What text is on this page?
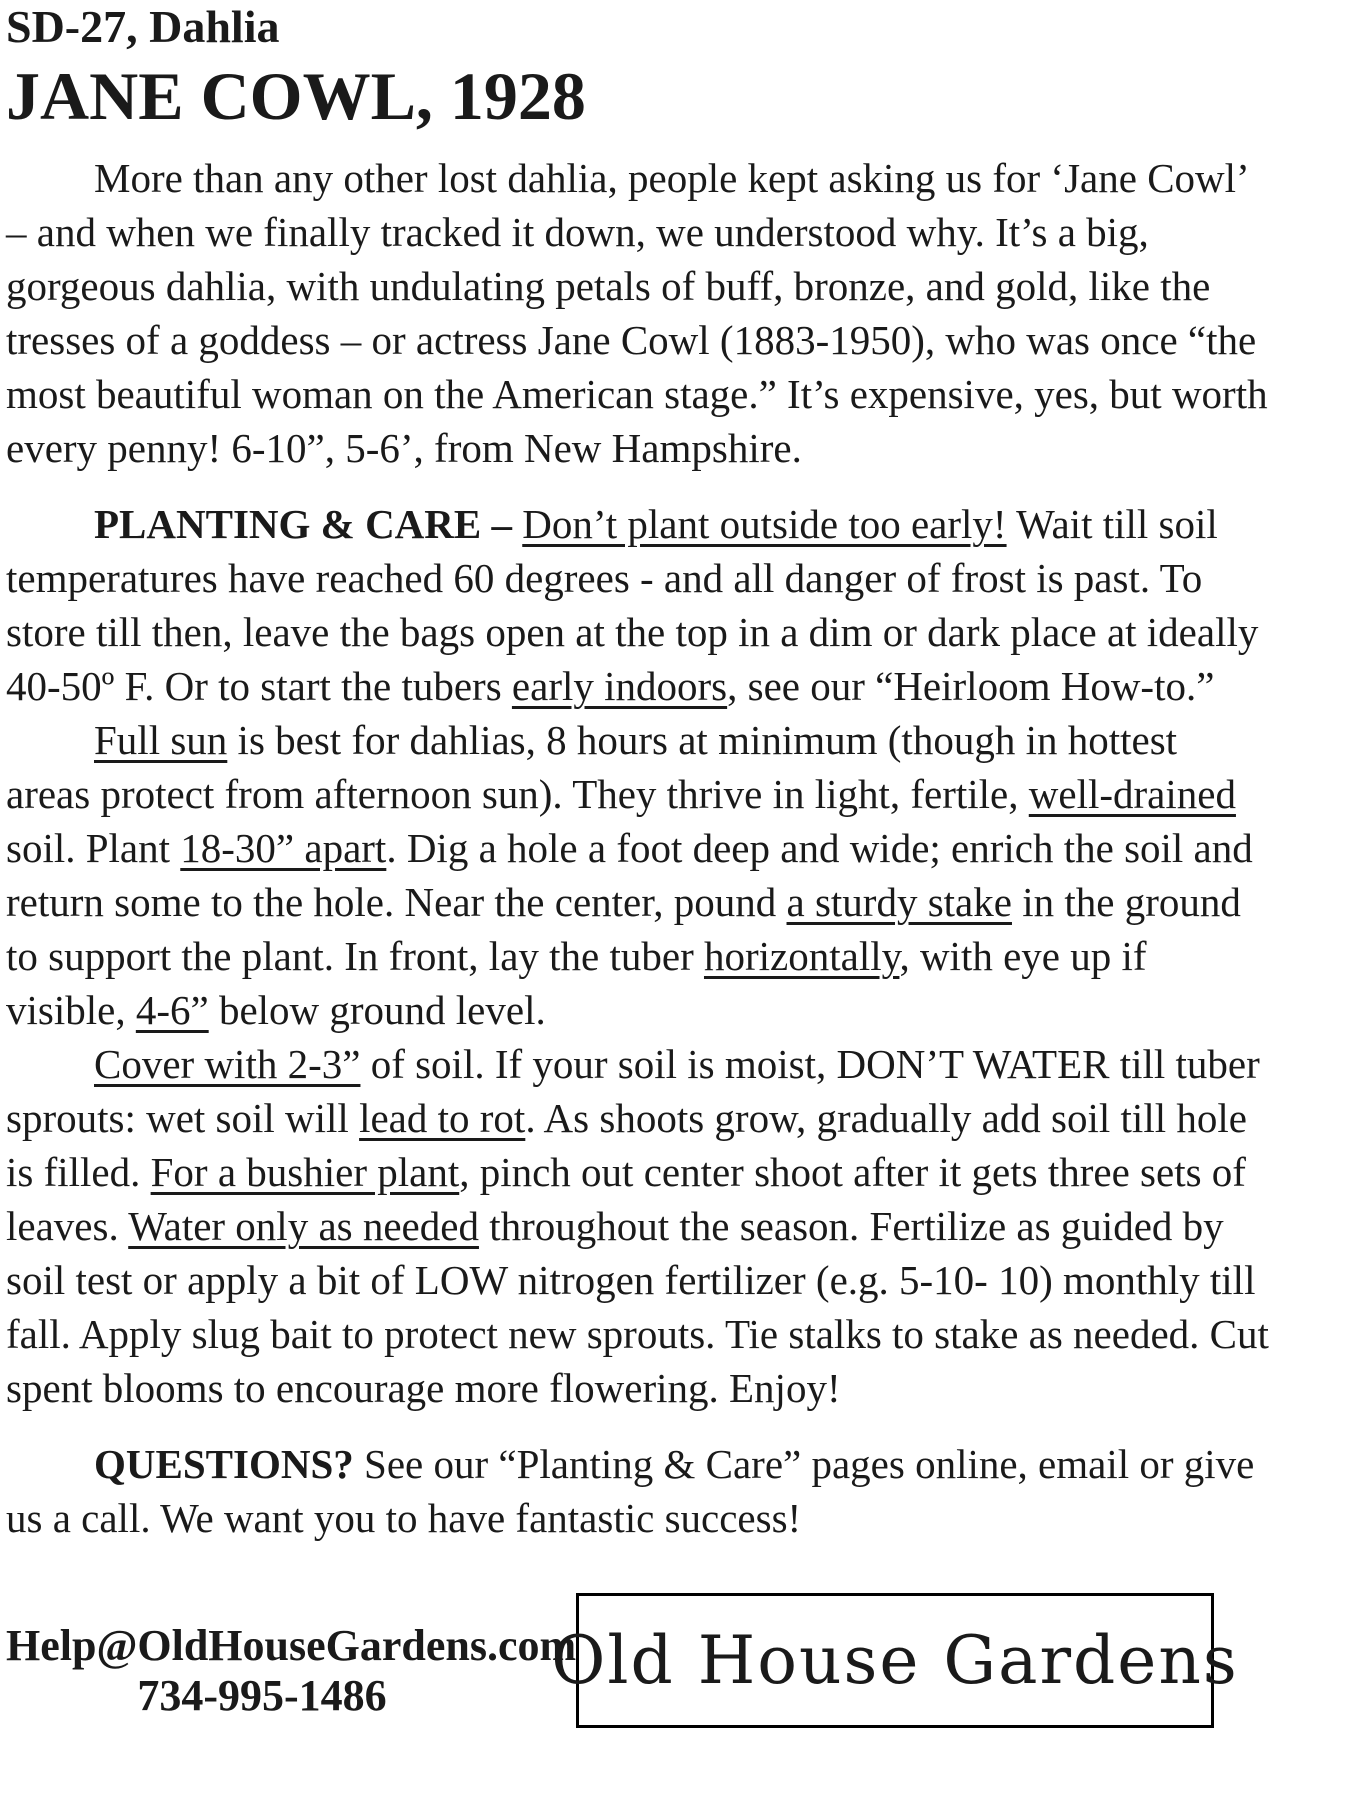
SD-27, Dahlia
JANE COWL, 1928

More than any other lost dahlia, people kept asking us for ‘Jane Cowl’ – and when we finally tracked it down, we understood why. It’s a big, gorgeous dahlia, with undulating petals of buff, bronze, and gold, like the tresses of a goddess – or actress Jane Cowl (1883-1950), who was once “the most beautiful woman on the American stage.” It’s expensive, yes, but worth every penny! 6-10”, 5-6’, from New Hampshire.

PLANTING & CARE – Don’t plant outside too early! Wait till soil temperatures have reached 60 degrees - and all danger of frost is past. To store till then, leave the bags open at the top in a dim or dark place at ideally 40-50º F. Or to start the tubers early indoors, see our “Heirloom How-to.”

Full sun is best for dahlias, 8 hours at minimum (though in hottest areas protect from afternoon sun). They thrive in light, fertile, well-drained soil. Plant 18-30” apart. Dig a hole a foot deep and wide; enrich the soil and return some to the hole. Near the center, pound a sturdy stake in the ground to support the plant. In front, lay the tuber horizontally, with eye up if visible, 4-6” below ground level.

Cover with 2-3” of soil. If your soil is moist, DON’T WATER till tuber sprouts: wet soil will lead to rot. As shoots grow, gradually add soil till hole is filled. For a bushier plant, pinch out center shoot after it gets three sets of leaves. Water only as needed throughout the season. Fertilize as guided by soil test or apply a bit of LOW nitrogen fertilizer (e.g. 5-10- 10) monthly till fall. Apply slug bait to protect new sprouts. Tie stalks to stake as needed. Cut spent blooms to encourage more flowering. Enjoy!

QUESTIONS? See our “Planting & Care” pages online, email or give us a call. We want you to have fantastic success!

Help@OldHouseGardens.com
734-995-1486	Old House Gardens
